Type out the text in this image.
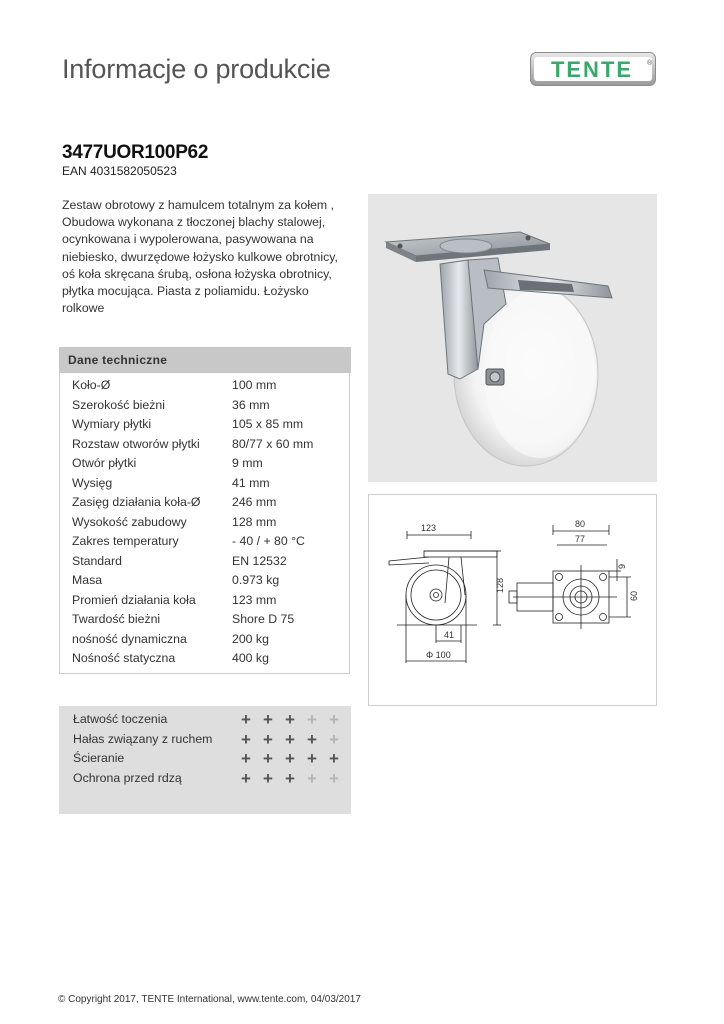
Informacje o produkcie	TENTE ®
3477UOR100P62
EAN 4031582050523
Zestaw obrotowy z hamulcem totalnym za kołem , Obudowa wykonana z tłoczonej blachy stalowej, ocynkowana i wypolerowana, pasywowana na niebiesko, dwurzędowe łożysko kulkowe obrotnicy, oś koła skręcana śrubą, osłona łożyska obrotnicy, płytka mocująca. Piasta z poliamidu. Łożysko rolkowe
Dane techniczne
Koło-Ø	100 mm
Szerokość bieżni	36 mm
Wymiary płytki	105 x 85 mm
Rozstaw otworów płytki	80/77 x 60 mm
Otwór płytki	9 mm
Wysięg	41 mm
Zasięg działania koła-Ø	246 mm
Wysokość zabudowy	128 mm
Zakres temperatury	- 40 / + 80 °C
Standard	EN 12532
Masa	0.973 kg
Promień działania koła	123 mm
Twardość bieżni	Shore D 75
nośność dynamiczna	200 kg
Nośność statyczna	400 kg
Łatwość toczenia	+ + + + +
Hałas związany z ruchem + + + + +
Ścieranie	+ + + + +
Ochrona przed rdzą	+ + + + +
123
128
41
Φ 100
80
77
9
60
© Copyright 2017, TENTE International, www.tente.com, 04/03/2017
